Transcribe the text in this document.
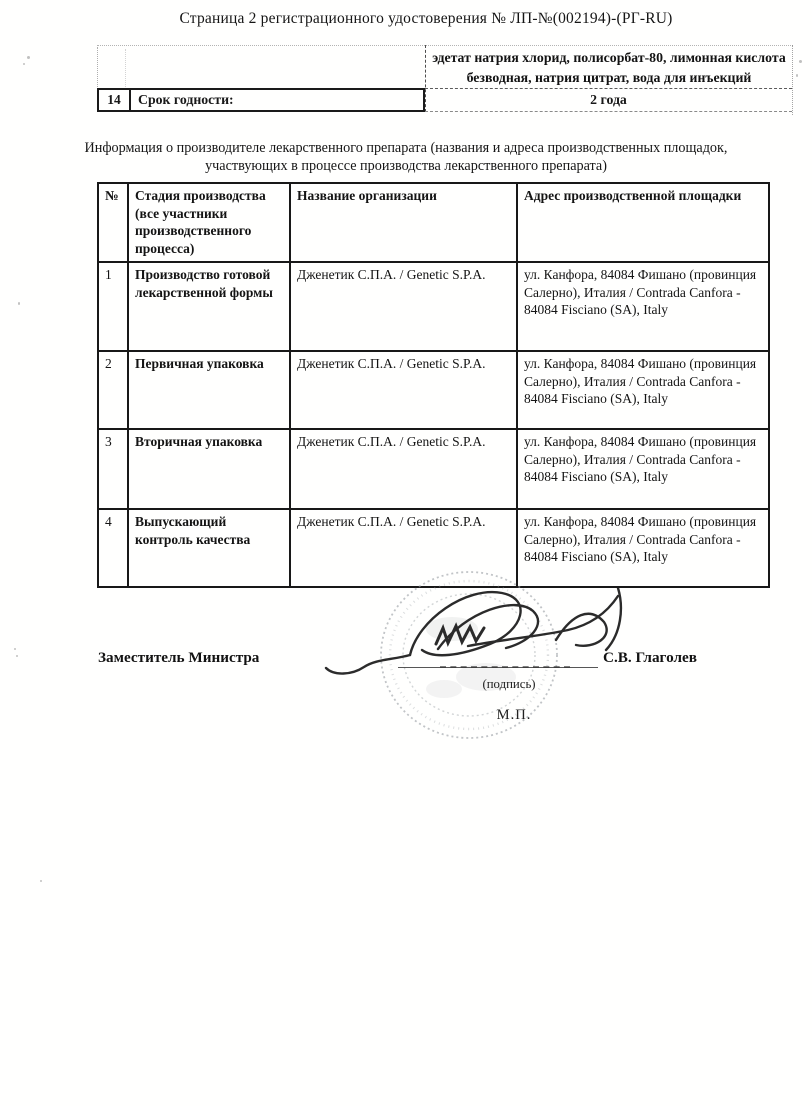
Страница 2 регистрационного удостоверения № ЛП-№(002194)-(РГ-RU)
эдетат натрия хлорид, полисорбат-80, лимонная кислота безводная, натрия цитрат, вода для инъекций
14	Срок годности:	2 года
Информация о производителе лекарственного препарата (названия и адреса производственных площадок, участвующих в процессе производства лекарственного препарата)
№	Стадия производства (все участники производственного процесса)	Название организации	Адрес производственной площадки
1	Производство готовой лекарственной формы	Дженетик С.П.А. / Genetic S.P.A.	ул. Канфора, 84084 Фишано (провинция Салерно), Италия / Contrada Canfora - 84084 Fisciano (SA), Italy
2	Первичная упаковка	Дженетик С.П.А. / Genetic S.P.A.	ул. Канфора, 84084 Фишано (провинция Салерно), Италия / Contrada Canfora - 84084 Fisciano (SA), Italy
3	Вторичная упаковка	Дженетик С.П.А. / Genetic S.P.A.	ул. Канфора, 84084 Фишано (провинция Салерно), Италия / Contrada Canfora - 84084 Fisciano (SA), Italy
4	Выпускающий контроль качества	Дженетик С.П.А. / Genetic S.P.A.	ул. Канфора, 84084 Фишано (провинция Салерно), Италия / Contrada Canfora - 84084 Fisciano (SA), Italy
Заместитель Министра	С.В. Глаголев
(подпись)
М.П.
